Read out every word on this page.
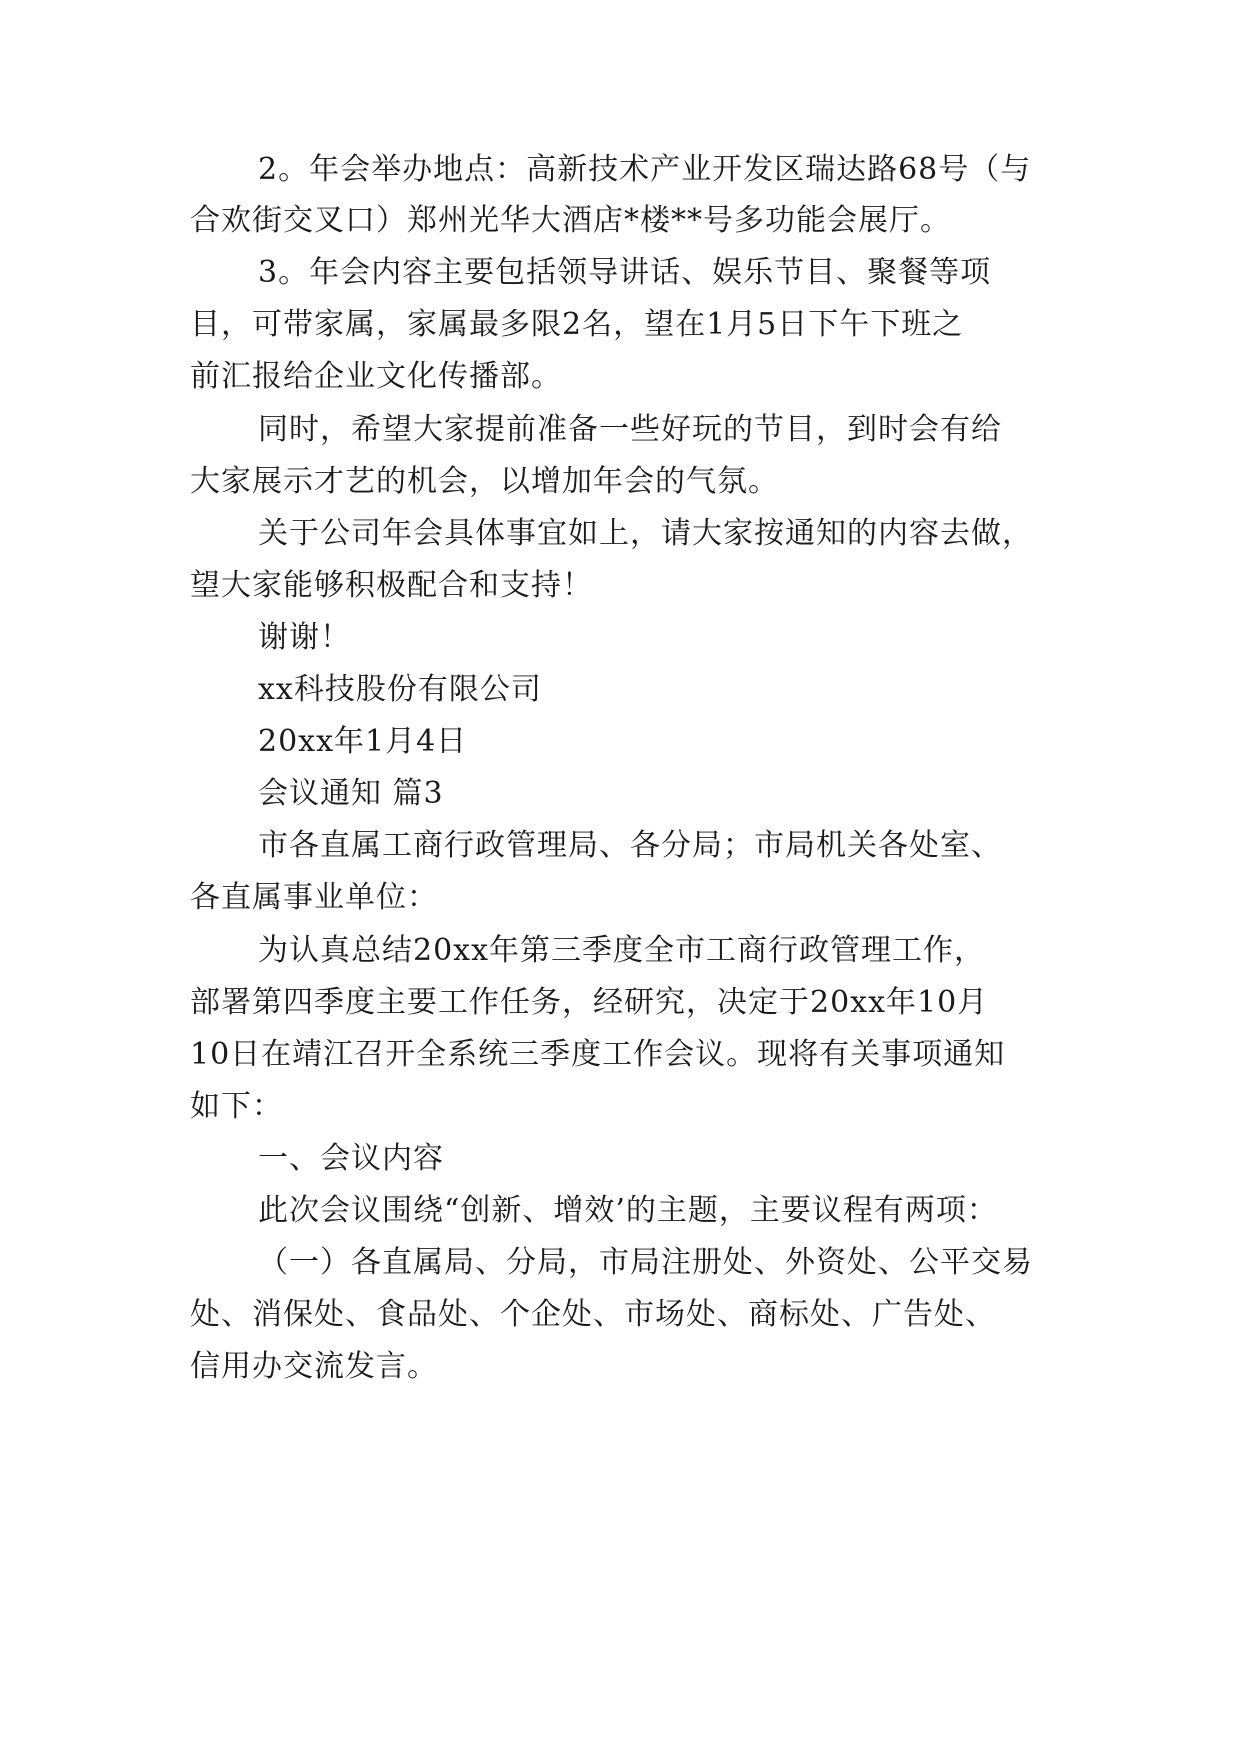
2。年会举办地点：高新技术产业开发区瑞达路68号（与
合欢街交叉口）郑州光华大酒店*楼**号多功能会展厅。
3。年会内容主要包括领导讲话、娱乐节目、聚餐等项
目，可带家属，家属最多限2名，望在1月5日下午下班之
前汇报给企业文化传播部。
同时，希望大家提前准备一些好玩的节目，到时会有给
大家展示才艺的机会，以增加年会的气氛。
关于公司年会具体事宜如上，请大家按通知的内容去做，
望大家能够积极配合和支持！
谢谢！
xx科技股份有限公司
20xx年1月4日
会议通知 篇3
市各直属工商行政管理局、各分局；市局机关各处室、
各直属事业单位：
为认真总结20xx年第三季度全市工商行政管理工作，
部署第四季度主要工作任务，经研究，决定于20xx年10月
10日在靖江召开全系统三季度工作会议。现将有关事项通知
如下：
一、会议内容
此次会议围绕“创新、增效’的主题，主要议程有两项：
（一）各直属局、分局，市局注册处、外资处、公平交易
处、消保处、食品处、个企处、市场处、商标处、广告处、
信用办交流发言。
